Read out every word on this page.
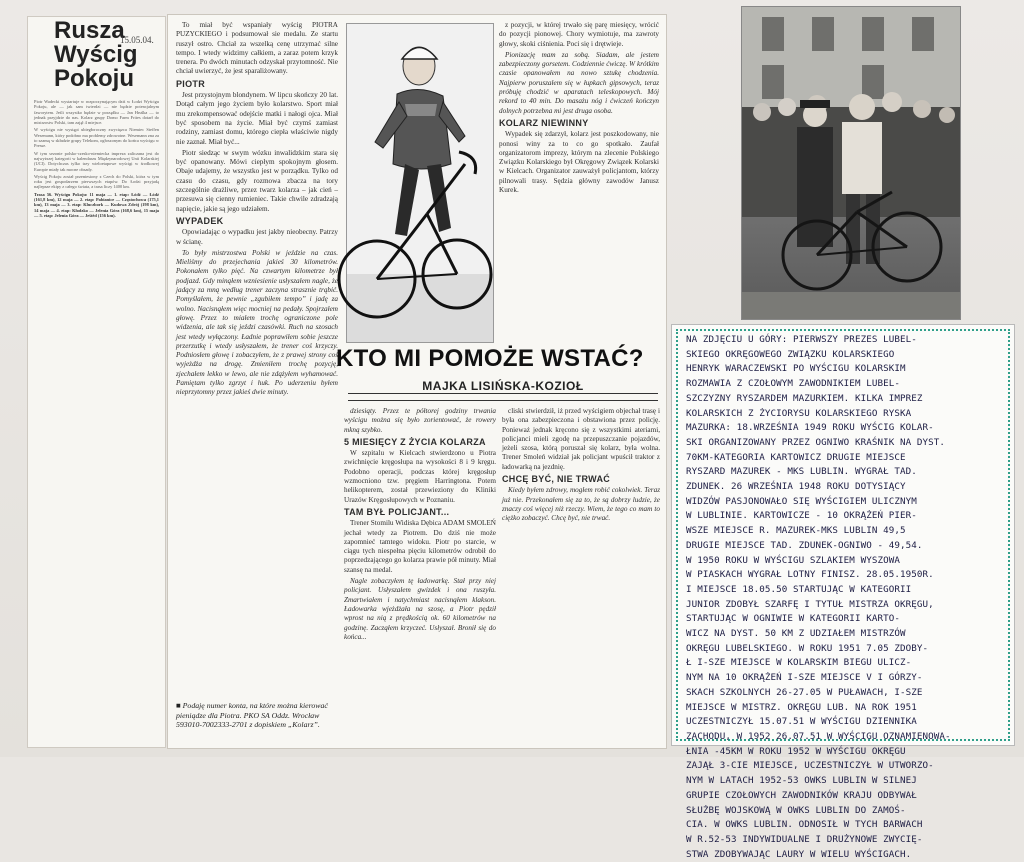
Rusza
Wyścig
Pokoju
15.05.04.

Piotr Wadecki wystartuje w rozpoczynającym dziś w Łodzi Wyścigu Pokoju, ale — jak sam twierdzi — nie będzie potencjalnym faworytem. Jeśli wszystko będzie w porządku — Jan Hruška — to jednak przyjdzie do nas. Kolarz grupy Domo Farm Frites dotarł do mistrzostw Polski, tam zajął 4 miejsce.

W wyścigu nie wystąpi ubiegłoroczny zwycięzca Niemiec Steffen Wesemann, który podobno ma problemy zdrowotne. Wesemann zna za to szansę w składzie grupy Telekom, ogłoszonym do końca wyścigu w Presse.

W tym sezonie polsko-czesko-niemiecka impreza zaliczana jest do najwyższej kategorii w kalendarzu Międzynarodowej Unii Kolarskiej (UCI). Dotychczas tylko trzy wieloetapowe wyścigi w środkowej Europie miały tak mocne obsady.

Wyścig Pokoju został przeniesiony z Czech do Polski, która w tym roku jest gospodarzem pierwszych etapów. Do Łodzi przyjadą najlepsze ekipy z całego świata, a trasa liczy 1400 km.

Trasa 56. Wyścigu Pokoju: 11 maja — 1. etap: Łódź — Łódź (161,8 km), 12 maja — 2. etap: Pabianice — Częstochowa (175,1 km), 13 maja — 3. etap: Kluczbork — Kudowa Zdrój (198 km), 14 maja — 4. etap: Kłodzko — Jelenia Góra (168,6 km), 15 maja — 5. etap: Jelenia Góra — Ještěd (156 km).

To miał być wspaniały wyścig PIOTRA PUZYCKIEGO i podsumował sie medalu. Ze startu ruszył ostro. Chciał za wszelką cenę utrzymać silne tempo. I wtedy widzimy całkiem, a zaraz potem krzyk trenera. Po dwóch minutach odzyskał przytomność. Nie chciał uwierzyć, że jest sparaliżowany.

PIOTR

Jest przystojnym blondynem. W lipcu skończy 20 lat. Dotąd całym jego życiem było kolarstwo. Sport miał mu zrekompensować odejście matki i nałogi ojca. Miał być sposobem na życie. Miał być czymś zamiast rodziny, zamiast domu, którego ciepła właściwie nigdy nie zaznał. Miał być...

Piotr siedząc w swym wózku inwalidzkim stara się być opanowany. Mówi ciepłym spokojnym głosem. Obaje udajemy, że wszystko jest w porządku. Tylko od czasu do czasu, gdy rozmowa zbacza na tory szczególnie drażliwe, przez twarz kolarza – jak cień – przesuwa się cienny rumieniec. Takie chwile zdradzają napięcie, jakie są jego udziałem.

WYPADEK

Opowiadając o wypadku jest jakby nieobecny. Patrzy w ścianę.

To były mistrzostwa Polski w jeździe na czas. Mieliśmy do przejechania jakieś 30 kilometrów. Pokonałem tylko pięć. Na czwartym kilometrze był podjazd. Gdy minąłem wzniesienie usłyszałem nagle, że jadący za mną według trener zaczyna strasznie trąbić. Pomyślałem, że pewnie „zgubiłem tempo” i jadę za wolno. Nacisnąłem więc mocniej na pedały. Spojrzałem głowę. Przez to miałem trochę ograniczone pole widzenia, ale tak się jeździ czasówki. Ruch na szosach jest wtedy wyłączony. Ładnie poprawiłem sobie jeszcze przerzutkę i wtedy usłyszałem, że trener coś krzyczy. Podniosłem głowę i zobaczyłem, że z prawej strony coś wyjeżdża na drogę. Zmieniłem trochę pozycję, zjechałem lekko w lewo, ale nie zdążyłem wyhamować. Pamiętam tylko zgrzyt i huk. Po uderzeniu byłem nieprzytomny przez jakieś dwie minuty.

z pozycji, w której trwało się parę miesięcy, wrócić do pozycji pionowej. Chory wymiotuje, ma zawroty głowy, skoki ciśnienia. Poci się i drętwieje.

Pionizację mam za sobą. Siadam, ale jestem zabezpieczony gorsetem. Codziennie ćwiczę. W krótkim czasie opanowałem na nowo sztukę chodzenia. Najpierw poruszałem się w łupkach gipsowych, teraz próbuję chodzić w aparatach teleskopowych. Mój rekord to 40 min. Do masażu nóg i ćwiczeń kończyn dolnych potrzebna mi jest druga osoba.

KOLARZ NIEWINNY

Wypadek się zdarzył, kolarz jest poszkodowany, nie ponosi winy za to co go spotkało. Zaufał organizatorom imprezy, którym na zlecenie Polskiego Związku Kolarskiego był Okręgowy Związek Kolarski w Kielcach. Organizator zauważył policjantom, którzy pilnowali trasy. Sędzia główny zawodów Janusz Kurek.

KTO MI POMOŻE WSTAĆ?
MAJKA LISIŃSKA-KOZIOŁ

dziesiąty. Przez te półtorej godziny trwania wyścigu można się było zorientować, że rowery mkną szybko.

5 MIESIĘCY Z ŻYCIA KOLARZA

W szpitalu w Kielcach stwierdzono u Piotra zwichnięcie kręgosłupa na wysokości 8 i 9 kręgu. Podobno operacji, podczas której kręgosłup wzmocniono tzw. pręgiem Harringtona. Potem helikopterem, został przewieziony do Kliniki Urazów Kręgosłupowych w Poznaniu.

TAM BYŁ POLICJANT...

Trener Stomilu Widiska Dębica ADAM SMOLEŃ jechał wtedy za Piotrem. Do dziś nie może zapomnieć tamtego widoku. Piotr po starcie, w ciągu tych niespełna pięciu kilometrów odrobił do poprzedzającego go kolarza prawie pół minuty. Miał szansę na medal.

Nagle zobaczyłem tę ładowarkę. Stał przy niej policjant. Usłyszałem gwizdek i ona ruszyła. Zmartwiałem i natychmiast nacisnąłem klakson. Ładowarka wjeżdżała na szosę, a Piotr pędził wprost na nią z prędkością ok. 60 kilometrów na godzinę. Zacząłem krzyczeć. Usłyszał. Bronił się do końca...

cliski stwierdził, iż przed wyścigiem objechał trasę i była ona zabezpieczona i obstawiona przez policję. Ponieważ jednak kręcono się z wszystkimi ateriami, policjanci mieli zgodę na przepuszczanie pojazdów, jeżeli szosa, którą poruszał się kolarz, była wolna. Trener Smoleń widział jak policjant wpuścił traktor z ładowarką na jezdnię.

CHCĘ BYĆ, NIE TRWAĆ

Kiedy byłem zdrowy, mogłem robić cokolwiek. Teraz już nie. Przekonałem się za to, że są dobrzy ludzie, że znaczy coś więcej niż rzeczy. Wiem, że tego co mam to ciężko zobaczyć. Chcę być, nie trwać.

■ Podaję numer konta, na które można kierować pieniądze dla Piotra. PKO SA Oddz. Wrocław 593010-7002333-2701 z dopiskiem „Kolarz”.
NA ZDJĘCIU U GÓRY: PIERWSZY PREZES LUBEL-
SKIEGO OKRĘGOWEGO ZWIĄZKU KOLARSKIEGO
HENRYK WARACZEWSKI PO WYŚCIGU KOLARSKIM
ROZMAWIA Z CZOŁOWYM ZAWODNIKIEM LUBEL-
SZCZYZNY RYSZARDEM MAZURKIEM. KILKA IMPREZ
KOLARSKICH Z ŻYCIORYSU KOLARSKIEGO RYSKA
MAZURKA: 18.WRZEŚNIA 1949 ROKU WYŚCIG KOLAR-
SKI ORGANIZOWANY PRZEZ OGNIWO KRAŚNIK NA DYST.
70KM-KATEGORIA KARTOWICZ DRUGIE MIEJSCE
RYSZARD MAZUREK - MKS LUBLIN. WYGRAŁ TAD.
ZDUNEK. 26 WRZEŚNIA 1948 ROKU DOTYSIĄCY
WIDZÓW PASJONOWAŁO SIĘ WYŚCIGIEM ULICZNYM
W LUBLINIE. KARTOWICZE - 10 OKRĄŻEŃ PIER-
WSZE MIEJSCE R. MAZUREK-MKS LUBLIN 49,5
DRUGIE MIEJSCE TAD. ZDUNEK-OGNIWO - 49,54.
W 1950 ROKU W WYŚCIGU SZLAKIEM WYSZOWA
W PIASKACH WYGRAŁ LOTNY FINISZ. 28.05.1950R.
I MIEJSCE 18.05.50 STARTUJĄC W KATEGORII
JUNIOR ZDOBYŁ SZARFĘ I TYTUŁ MISTRZA OKRĘGU,
STARTUJĄC W OGNIWIE W KATEGORII KARTO-
WICZ NA DYST. 50 KM Z UDZIAŁEM MISTRZÓW
OKRĘGU LUBELSKIEGO. W ROKU 1951 7.05 ZDOBY-
Ł I-SZE MIEJSCE W KOLARSKIM BIEGU ULICZ-
NYM NA 10 OKRĄŻEŃ I-SZE MIEJSCE V I GÓRZY-
SKACH SZKOLNYCH 26-27.05 W PUŁAWACH, I-SZE
MIEJSCE W MISTRZ. OKRĘGU LUB. NA ROK 1951
UCZESTNICZYŁ 15.07.51 W WYŚCIGU DZIENNIKA
ZACHODU, W 1952 26.07.51 W WYŚCIGU OZNAMIENOWA-
ŁNIA -45KM W ROKU 1952 W WYŚCIGU OKRĘGU
ZAJĄŁ 3-CIE MIEJSCE, UCZESTNICZYŁ W UTWORZO-
NYM W LATACH 1952-53 OWKS LUBLIN W SILNEJ
GRUPIE CZOŁOWYCH ZAWODNIKÓW KRAJU ODBYWAŁ
SŁUŻBĘ WOJSKOWĄ W OWKS LUBLIN DO ZAMOŚ-
CIA. W OWKS LUBLIN. ODNOSIŁ W TYCH BARWACH
W R.52-53 INDYWIDUALNE I DRUŻYNOWE ZWYCIĘ-
STWA ZDOBYWAJĄC LAURY W WIELU WYŚCIGACH.
